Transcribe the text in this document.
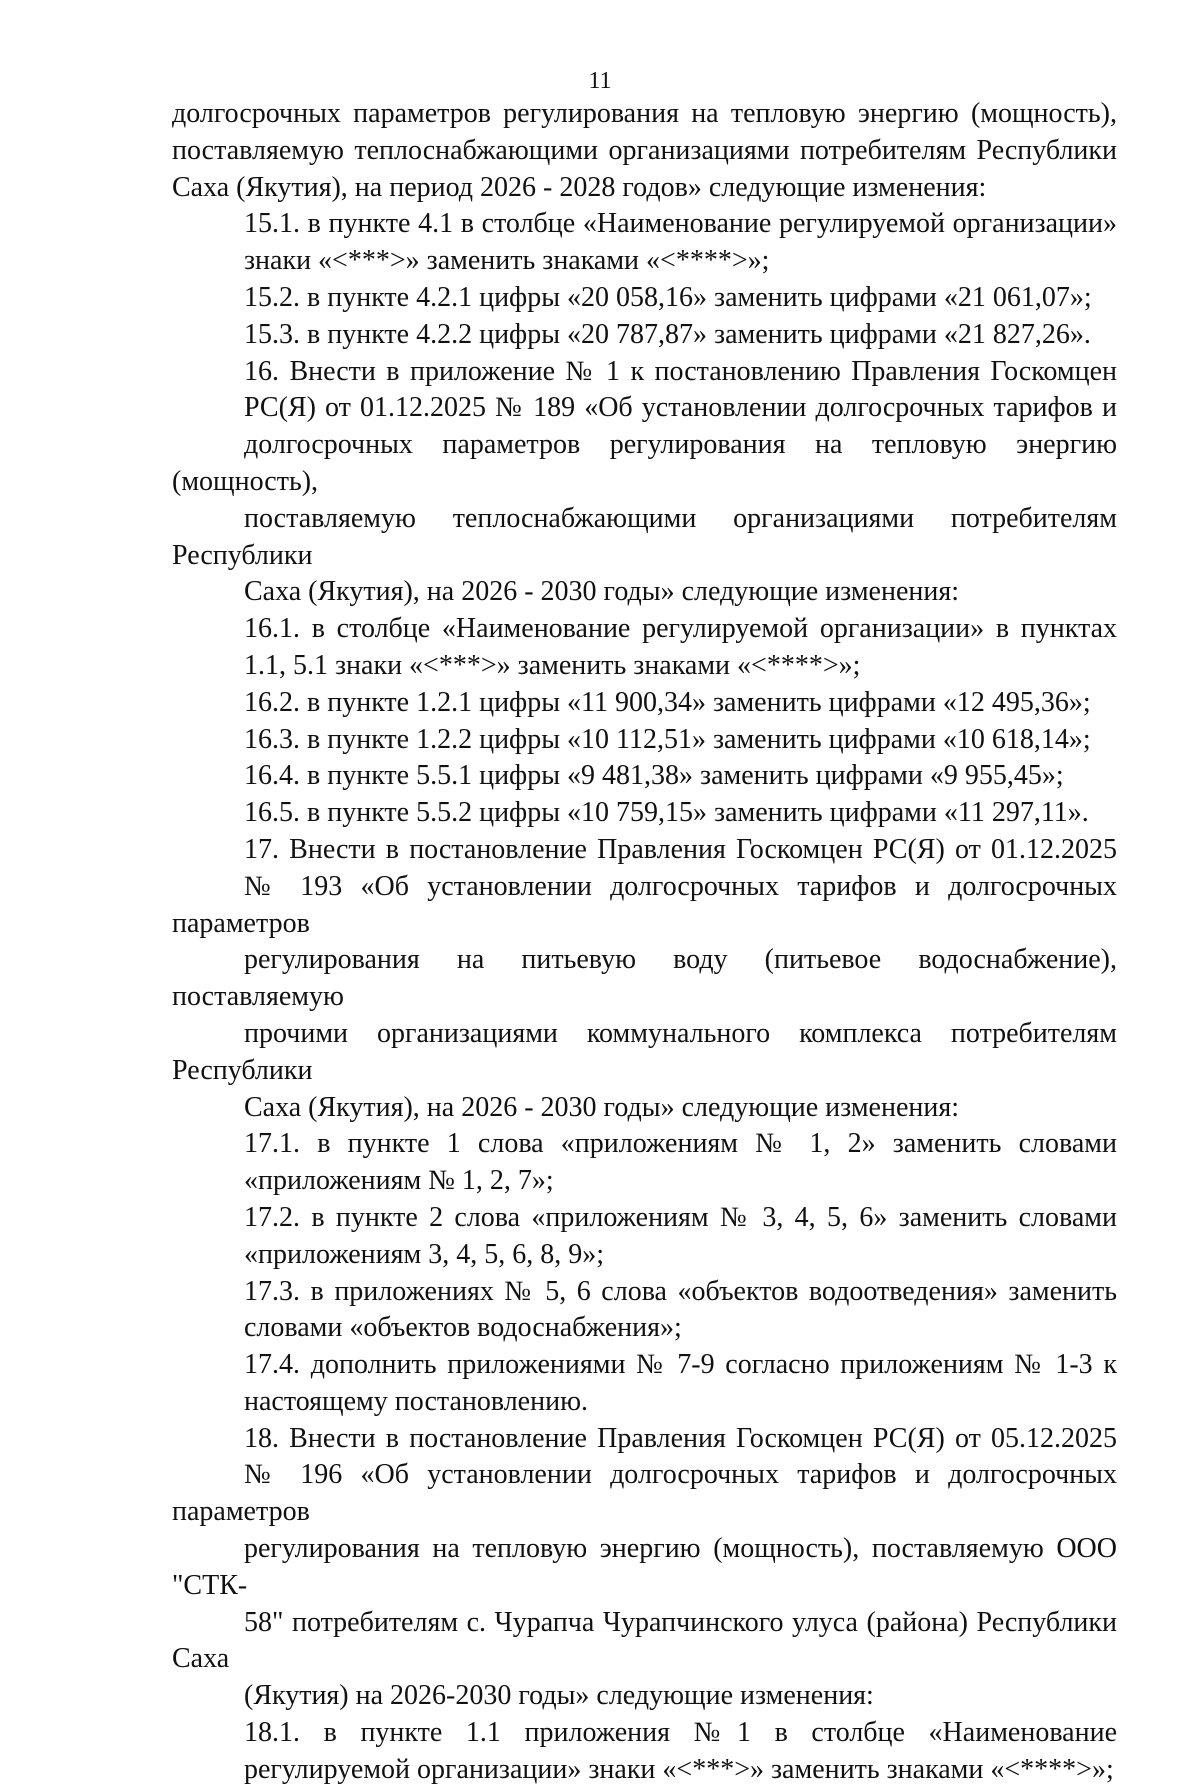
11

долгосрочных параметров регулирования на тепловую энергию (мощность),
поставляемую теплоснабжающими организациями потребителям Республики
Саха (Якутия), на период 2026 - 2028 годов» следующие изменения:

15.1. в пункте 4.1 в столбце «Наименование регулируемой организации»
знаки «<***>» заменить знаками «<****>»;

15.2. в пункте 4.2.1 цифры «20 058,16» заменить цифрами «21 061,07»;

15.3. в пункте 4.2.2 цифры «20 787,87» заменить цифрами «21 827,26».

16. Внести в приложение № 1 к постановлению Правления Госкомцен
РС(Я) от 01.12.2025 № 189 «Об установлении долгосрочных тарифов и
долгосрочных параметров регулирования на тепловую энергию (мощность),
поставляемую теплоснабжающими организациями потребителям Республики
Саха (Якутия), на 2026 - 2030 годы» следующие изменения:

16.1. в столбце «Наименование регулируемой организации» в пунктах
1.1, 5.1 знаки «<***>» заменить знаками «<****>»;

16.2. в пункте 1.2.1 цифры «11 900,34» заменить цифрами «12 495,36»;

16.3. в пункте 1.2.2 цифры «10 112,51» заменить цифрами «10 618,14»;

16.4. в пункте 5.5.1 цифры «9 481,38» заменить цифрами «9 955,45»;

16.5. в пункте 5.5.2 цифры «10 759,15» заменить цифрами «11 297,11».

17. Внести в постановление Правления Госкомцен РС(Я) от 01.12.2025
№ 193 «Об установлении долгосрочных тарифов и долгосрочных параметров
регулирования на питьевую воду (питьевое водоснабжение), поставляемую
прочими организациями коммунального комплекса потребителям Республики
Саха (Якутия), на 2026 - 2030 годы» следующие изменения:

17.1. в пункте 1 слова «приложениям № 1, 2» заменить словами
«приложениям № 1, 2, 7»;

17.2. в пункте 2 слова «приложениям № 3, 4, 5, 6» заменить словами
«приложениям 3, 4, 5, 6, 8, 9»;

17.3. в приложениях № 5, 6 слова «объектов водоотведения» заменить
словами «объектов водоснабжения»;

17.4. дополнить приложениями № 7-9 согласно приложениям № 1-3 к
настоящему постановлению.

18. Внести в постановление Правления Госкомцен РС(Я) от 05.12.2025
№ 196 «Об установлении долгосрочных тарифов и долгосрочных параметров
регулирования на тепловую энергию (мощность), поставляемую ООО "СТК-
58" потребителям с. Чурапча Чурапчинского улуса (района) Республики Саха
(Якутия) на 2026-2030 годы» следующие изменения:

18.1. в пункте 1.1 приложения №1 в столбце «Наименование
регулируемой организации» знаки «<***>» заменить знаками «<****>»;
